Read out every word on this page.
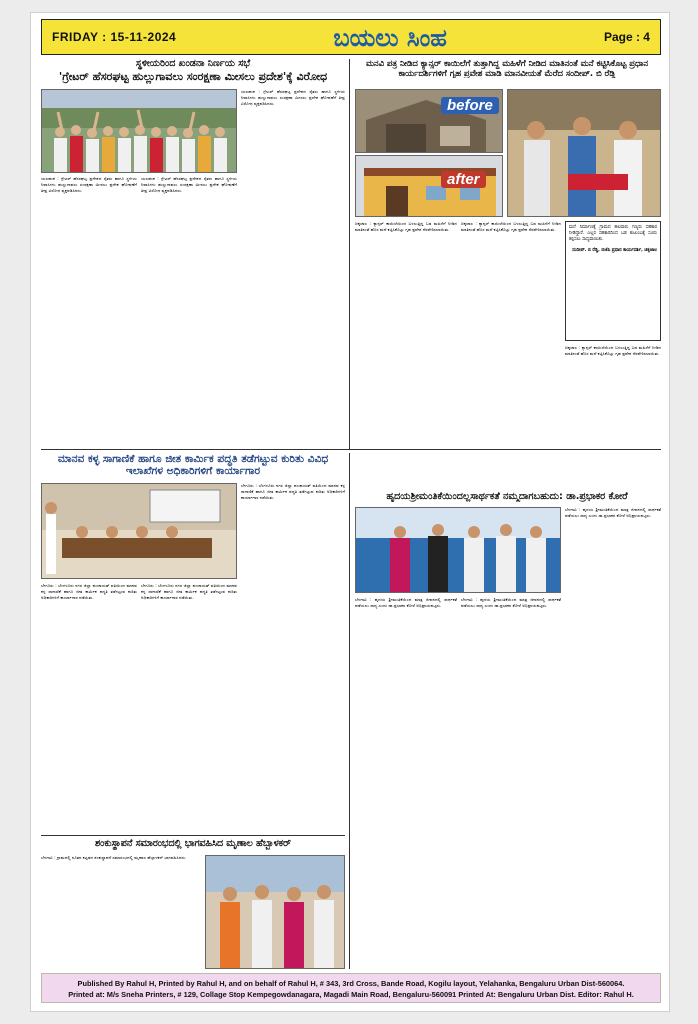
FRIDAY : 15-11-2024	ಬಯಲು ಸಿಂಹ	Page : 4
ಸ್ಥಳೀಯರಿಂದ ಖಂಡನಾ ನಿರ್ಣಯ ಸಭೆ
'ಗ್ರೇಟರ್ ಹೆಸರಘಟ್ಟ ಹುಲ್ಲುಗಾವಲು ಸಂರಕ್ಷಣಾ ಮೀಸಲು ಪ್ರದೇಶ'ಕ್ಕೆ ವಿರೋಧ

ಯಲಹಂಕ : ಗ್ರೇಟರ್ ಹೆಸರಘಟ್ಟ ಪ್ರದೇಶದ ರೈತರು ಹಾಗೂ ಸ್ಥಳೀಯ ನಿವಾಸಿಗಳು ಹುಲ್ಲುಗಾವಲು ಸಂರಕ್ಷಣಾ ಮೀಸಲು ಪ್ರದೇಶ ಘೋಷಣೆಗೆ ತೀವ್ರ ವಿರೋಧ ವ್ಯಕ್ತಪಡಿಸಿದರು.

ಯಲಹಂಕ : ಗ್ರೇಟರ್ ಹೆಸರಘಟ್ಟ ಪ್ರದೇಶದ ರೈತರು ಹಾಗೂ ಸ್ಥಳೀಯ ನಿವಾಸಿಗಳು ಹುಲ್ಲುಗಾವಲು ಸಂರಕ್ಷಣಾ ಮೀಸಲು ಪ್ರದೇಶ ಘೋಷಣೆಗೆ ತೀವ್ರ ವಿರೋಧ ವ್ಯಕ್ತಪಡಿಸಿದರು.

ಯಲಹಂಕ : ಗ್ರೇಟರ್ ಹೆಸರಘಟ್ಟ ಪ್ರದೇಶದ ರೈತರು ಹಾಗೂ ಸ್ಥಳೀಯ ನಿವಾಸಿಗಳು ಹುಲ್ಲುಗಾವಲು ಸಂರಕ್ಷಣಾ ಮೀಸಲು ಪ್ರದೇಶ ಘೋಷಣೆಗೆ ತೀವ್ರ ವಿರೋಧ ವ್ಯಕ್ತಪಡಿಸಿದರು.

ಮನವಿ ಪತ್ರ ನೀಡಿದ ಕ್ಯಾನ್ಸರ್ ಕಾಯಿಲೆಗೆ ತುತ್ತಾಗಿದ್ದ ಮಹಿಳೆಗೆ ನೀಡಿದ ಮಾತಿನಂತೆ ಮನೆ ಕಟ್ಟಿಸಿಕೊಟ್ಟ ಪ್ರಧಾನ ಕಾರ್ಯದರ್ಶಿಗಳಿಗೆ ಗೃಹ ಪ್ರವೇಶ ಮಾಡಿ ಮಾನವೀಯತೆ ಮೆರೆದ ಸಂದೀಪ್. ಬಿ ರೆಡ್ಡಿ
before
after

ಮನೆ ನಿರ್ಮಾಣಕ್ಕೆ ಗ್ರಾಮದ ಹಲವಾರು ಗಣ್ಯರು ಸಹಕಾರ ನೀಡಿದ್ದಾರೆ. ಎಲ್ಲರ ಸಹಕಾರದಿಂದ ಬಡ ಕುಟುಂಬಕ್ಕೆ ಸೂರು ಕಲ್ಪಿಸಲು ಸಾಧ್ಯವಾಯಿತು.

ಸಂದೀಪ್. ಬಿ ರೆಡ್ಡಿ, ಬಿಜೆಪಿ ಪ್ರಧಾನ ಕಾರ್ಯದರ್ಶಿ, ಚಿಕ್ಕಜಾಲ

ಚಿಕ್ಕಜಾಲ : ಕ್ಯಾನ್ಸರ್ ಕಾಯಿಲೆಯಿಂದ ಬಳಲುತ್ತಿದ್ದ ಬಡ ಮಹಿಳೆಗೆ ನೀಡಿದ ಮಾತಿನಂತೆ ಹೊಸ ಮನೆ ಕಟ್ಟಿಸಿಕೊಟ್ಟು ಗೃಹ ಪ್ರವೇಶ ನೆರವೇರಿಸಲಾಯಿತು.

ಚಿಕ್ಕಜಾಲ : ಕ್ಯಾನ್ಸರ್ ಕಾಯಿಲೆಯಿಂದ ಬಳಲುತ್ತಿದ್ದ ಬಡ ಮಹಿಳೆಗೆ ನೀಡಿದ ಮಾತಿನಂತೆ ಹೊಸ ಮನೆ ಕಟ್ಟಿಸಿಕೊಟ್ಟು ಗೃಹ ಪ್ರವೇಶ ನೆರವೇರಿಸಲಾಯಿತು.

ಚಿಕ್ಕಜಾಲ : ಕ್ಯಾನ್ಸರ್ ಕಾಯಿಲೆಯಿಂದ ಬಳಲುತ್ತಿದ್ದ ಬಡ ಮಹಿಳೆಗೆ ನೀಡಿದ ಮಾತಿನಂತೆ ಹೊಸ ಮನೆ ಕಟ್ಟಿಸಿಕೊಟ್ಟು ಗೃಹ ಪ್ರವೇಶ ನೆರವೇರಿಸಲಾಯಿತು.

ಮಾನವ ಕಳ್ಳ ಸಾಗಾಣಿಕೆ ಹಾಗೂ ಜೀತ ಕಾರ್ಮಿಕ ಪದ್ಧತಿ ತಡೆಗಟ್ಟುವ ಕುರಿತು ವಿವಿಧ ಇಲಾಖೆಗಳ ಅಧಿಕಾರಿಗಳಿಗೆ ಕಾರ್ಯಾಗಾರ

ಬೇಗೂರು : ಬೆಂಗಳೂರು ನಗರ ಜಿಲ್ಲಾ ಪಂಚಾಯತ್ ವತಿಯಿಂದ ಮಾನವ ಕಳ್ಳ ಸಾಗಾಣಿಕೆ ಹಾಗೂ ಜೀತ ಕಾರ್ಮಿಕ ಪದ್ಧತಿ ತಡೆಗಟ್ಟುವ ಕುರಿತು ಅಧಿಕಾರಿಗಳಿಗೆ ಕಾರ್ಯಾಗಾರ ನಡೆಯಿತು.

ಬೇಗೂರು : ಬೆಂಗಳೂರು ನಗರ ಜಿಲ್ಲಾ ಪಂಚಾಯತ್ ವತಿಯಿಂದ ಮಾನವ ಕಳ್ಳ ಸಾಗಾಣಿಕೆ ಹಾಗೂ ಜೀತ ಕಾರ್ಮಿಕ ಪದ್ಧತಿ ತಡೆಗಟ್ಟುವ ಕುರಿತು ಅಧಿಕಾರಿಗಳಿಗೆ ಕಾರ್ಯಾಗಾರ ನಡೆಯಿತು.

ಬೇಗೂರು : ಬೆಂಗಳೂರು ನಗರ ಜಿಲ್ಲಾ ಪಂಚಾಯತ್ ವತಿಯಿಂದ ಮಾನವ ಕಳ್ಳ ಸಾಗಾಣಿಕೆ ಹಾಗೂ ಜೀತ ಕಾರ್ಮಿಕ ಪದ್ಧತಿ ತಡೆಗಟ್ಟುವ ಕುರಿತು ಅಧಿಕಾರಿಗಳಿಗೆ ಕಾರ್ಯಾಗಾರ ನಡೆಯಿತು.

ಹೃದಯಶ್ರೀಮಂತಿಕೆಯಿಂದಲ್ಲಸಾರ್ಥಕತೆ ನಮ್ಮದಾಗಬಹುದು: ಡಾ.ಪ್ರಭಾಕರ ಕೋರೆ

ಬೆಳಗಾವಿ : ಹೃದಯ ಶ್ರೀಮಂತಿಕೆಯಿಂದ ಮಾತ್ರ ಜೀವನದಲ್ಲಿ ಸಾರ್ಥಕತೆ ಪಡೆಯಲು ಸಾಧ್ಯ ಎಂದು ಡಾ.ಪ್ರಭಾಕರ ಕೋರೆ ಅಭಿಪ್ರಾಯಪಟ್ಟರು.

ಬೆಳಗಾವಿ : ಹೃದಯ ಶ್ರೀಮಂತಿಕೆಯಿಂದ ಮಾತ್ರ ಜೀವನದಲ್ಲಿ ಸಾರ್ಥಕತೆ ಪಡೆಯಲು ಸಾಧ್ಯ ಎಂದು ಡಾ.ಪ್ರಭಾಕರ ಕೋರೆ ಅಭಿಪ್ರಾಯಪಟ್ಟರು.

ಬೆಳಗಾವಿ : ಹೃದಯ ಶ್ರೀಮಂತಿಕೆಯಿಂದ ಮಾತ್ರ ಜೀವನದಲ್ಲಿ ಸಾರ್ಥಕತೆ ಪಡೆಯಲು ಸಾಧ್ಯ ಎಂದು ಡಾ.ಪ್ರಭಾಕರ ಕೋರೆ ಅಭಿಪ್ರಾಯಪಟ್ಟರು.

ಶಂಕುಸ್ಥಾಪನೆ ಸಮಾರಂಭದಲ್ಲಿ ಭಾಗವಹಿಸಿದ ಮೃಣಾಲ ಹೆಬ್ಬಾಳಕರ್

ಬೆಳಗಾವಿ : ಗ್ರಾಮದಲ್ಲಿ ನೂತನ ಕಟ್ಟಡದ ಶಂಕುಸ್ಥಾಪನೆ ಸಮಾರಂಭದಲ್ಲಿ ಮೃಣಾಲ ಹೆಬ್ಬಾಳಕರ್ ಭಾಗವಹಿಸಿದರು.

Published By Rahul H, Printed by Rahul H, and on behalf of Rahul H, # 343, 3rd Cross, Bande Road, Kogilu layout, Yelahanka, Bengaluru Urban Dist-560064.
Printed at: M/s Sneha Printers, # 129, Collage Stop Kempegowdanagara, Magadi Main Road, Bengaluru-560091 Printed At: Bengaluru Urban Dist. Editor: Rahul H.
